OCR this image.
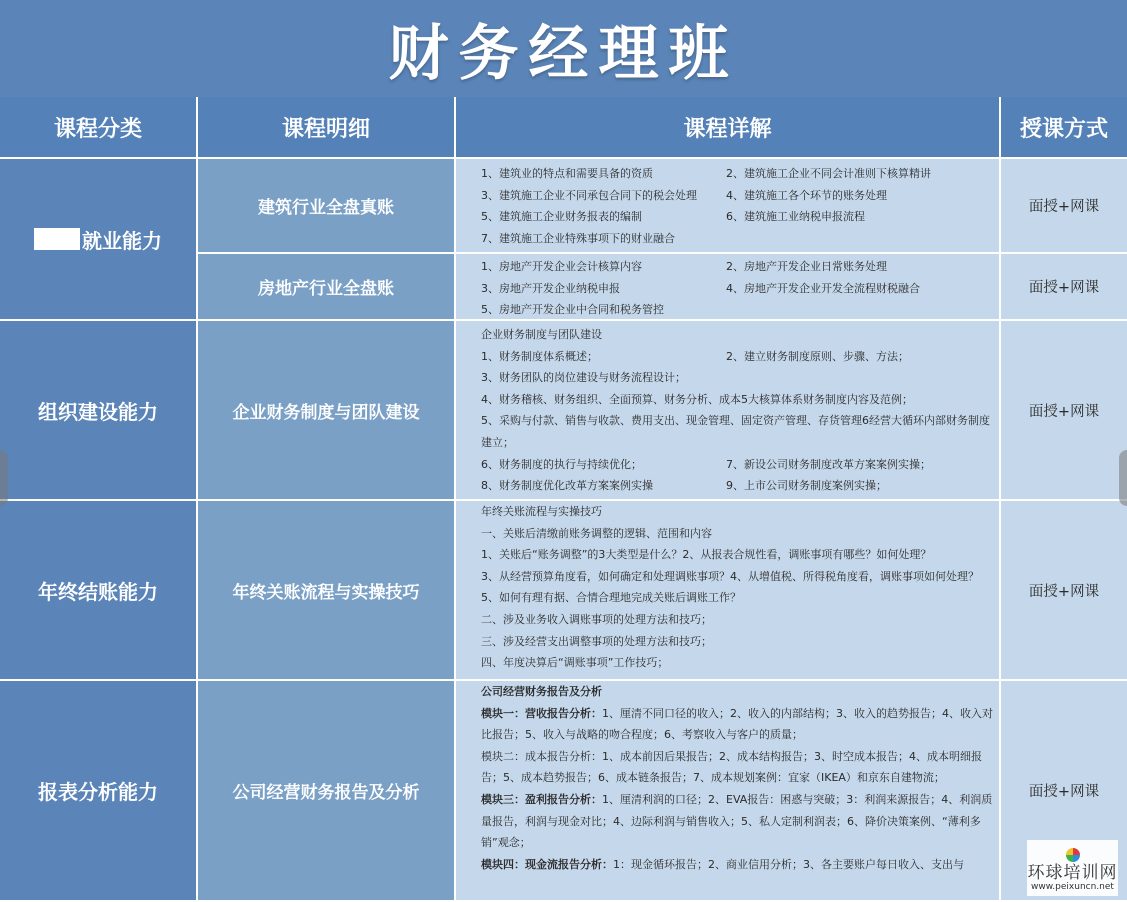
财务经理班
课程分类	课程明细	课程详解	授课方式
就业能力
建筑行业全盘真账
1、建筑业的特点和需要具备的资质	2、建筑施工企业不同会计准则下核算精讲
3、建筑施工企业不同承包合同下的税会处理	4、建筑施工各个环节的账务处理
5、建筑施工企业财务报表的编制	6、建筑施工业纳税申报流程
7、建筑施工企业特殊事项下的财业融合
面授+网课
房地产行业全盘账
1、房地产开发企业会计核算内容	2、房地产开发企业日常账务处理
3、房地产开发企业纳税申报	4、房地产开发企业开发全流程财税融合
5、房地产开发企业中合同和税务管控
面授+网课
组织建设能力	企业财务制度与团队建设
企业财务制度与团队建设
1、财务制度体系概述；	2、建立财务制度原则、步骤、方法；
3、财务团队的岗位建设与财务流程设计；
4、财务稽核、财务组织、全面预算、财务分析、成本5大核算体系财务制度内容及范例；
5、采购与付款、销售与收款、费用支出、现金管理、固定资产管理、存货管理6经营大循环内部财务制度建立；
6、财务制度的执行与持续优化；	7、新设公司财务制度改革方案案例实操；
8、财务制度优化改革方案案例实操	9、上市公司财务制度案例实操；
面授+网课
年终结账能力	年终关账流程与实操技巧
年终关账流程与实操技巧
一、关账后清缴前账务调整的逻辑、范围和内容
1、关账后“账务调整”的3大类型是什么？2、从报表合规性看，调账事项有哪些？如何处理？
3、从经营预算角度看，如何确定和处理调账事项？4、从增值税、所得税角度看，调账事项如何处理？5、如何有理有据、合情合理地完成关账后调账工作？
二、涉及业务收入调账事项的处理方法和技巧；
三、涉及经营支出调整事项的处理方法和技巧；
四、年度决算后“调账事项”工作技巧；
面授+网课
报表分析能力	公司经营财务报告及分析
公司经营财务报告及分析
模块一：营收报告分析：1、厘清不同口径的收入；2、收入的内部结构；3、收入的趋势报告；4、收入对比报告；5、收入与战略的吻合程度；6、考察收入与客户的质量；
模块二：成本报告分析：1、成本前因后果报告；2、成本结构报告；3、时空成本报告；4、成本明细报告；5、成本趋势报告；6、成本链条报告；7、成本规划案例：宜家（IKEA）和京东自建物流；
模块三：盈利报告分析：1、厘清利润的口径；2、EVA报告：困惑与突破；3：利润来源报告；4、利润质量报告，利润与现金对比；4、边际利润与销售收入；5、私人定制利润表；6、降价决策案例、“薄利多销”观念；
模块四：现金流报告分析：1：现金循环报告；2、商业信用分析；3、各主要账户每日收入、支出与
面授+网课
环球培训网
www.peixuncn.net
